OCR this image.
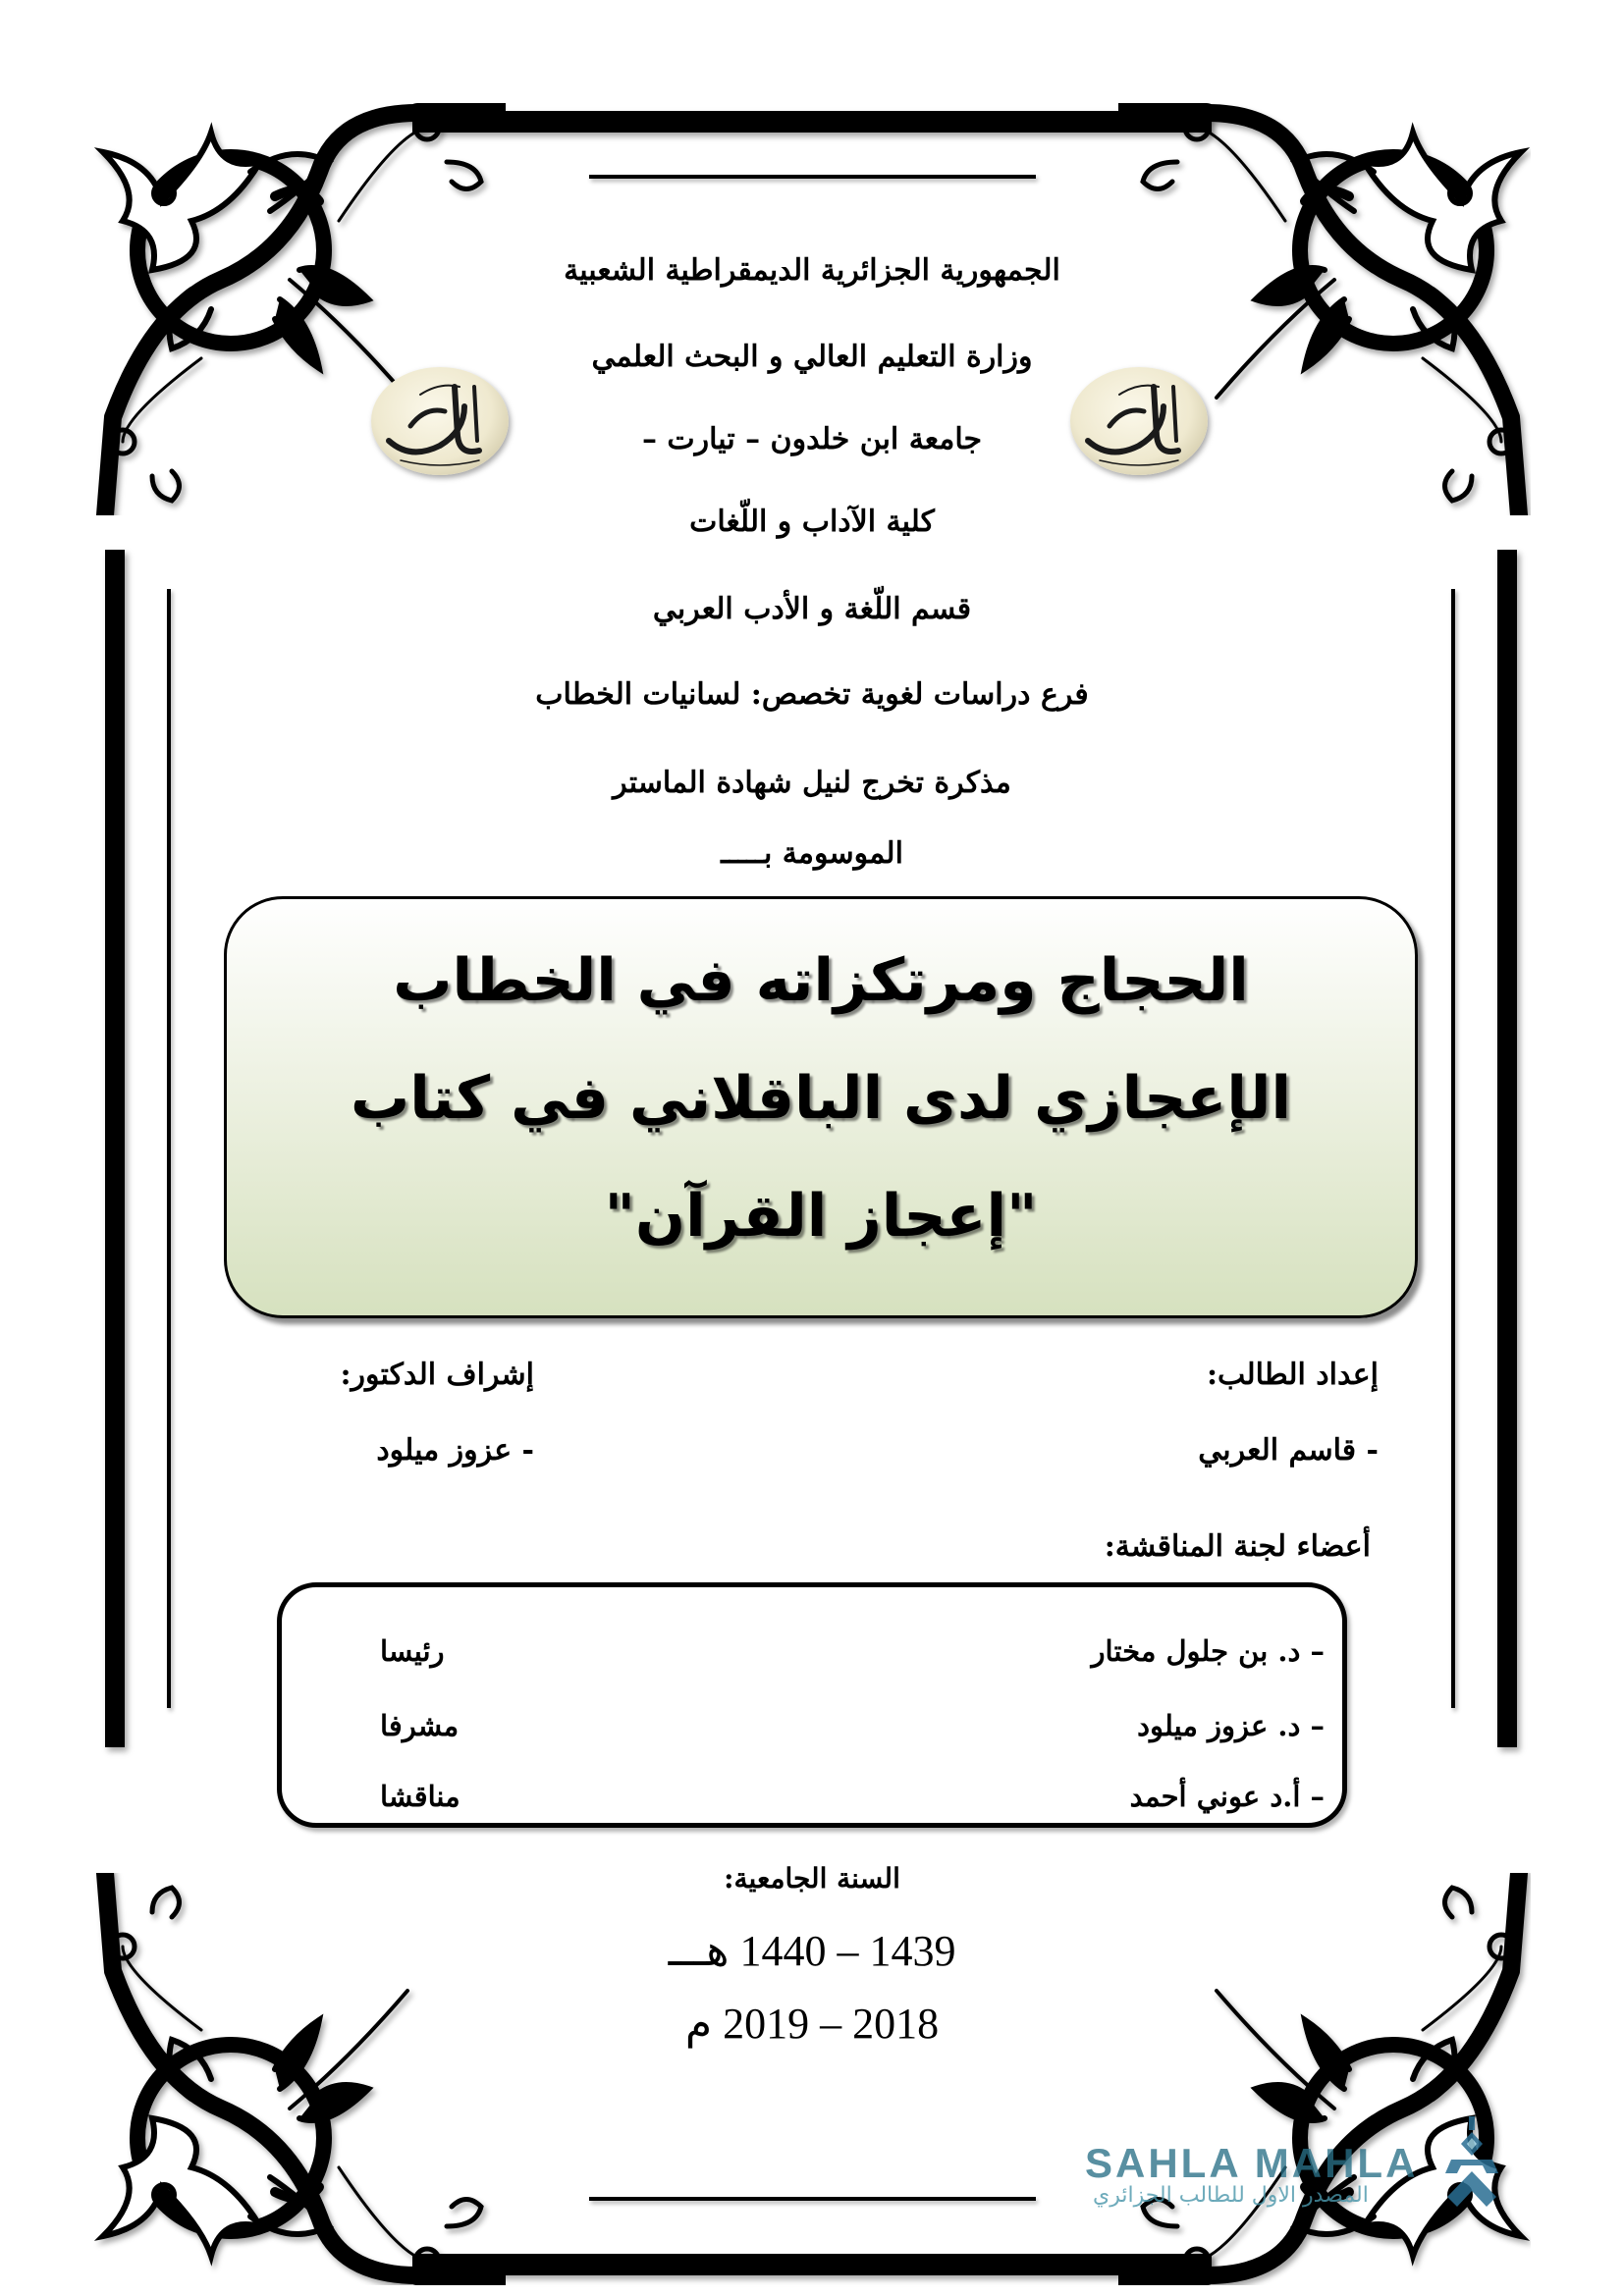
الجمهورية الجزائرية الديمقراطية الشعبية
وزارة التعليم العالي و البحث العلمي
جامعة ابن خلدون – تيارت –
كلية الآداب و اللّغات
قسم اللّغة و الأدب العربي
فرع دراسات لغوية تخصص: لسانيات الخطاب
مذكرة تخرج لنيل شهادة الماستر
الموسومة بـــــ
الحجاج ومرتكزاته في الخطاب
الإعجازي لدى الباقلاني في كتاب
"إعجاز القرآن"
إعداد الطالب:
إشراف الدكتور:
- قاسم العربي
- عزوز ميلود
أعضاء لجنة المناقشة:
– د. بن جلول مختار
رئيسا
– د. عزوز ميلود
مشرفا
– أ.د عوني أحمد
مناقشا
السنة الجامعية:
1439 – 1440 هـــ
2018 – 2019 م
SAHLA MAHLA
المصدر الاول للطالب الجزائري
